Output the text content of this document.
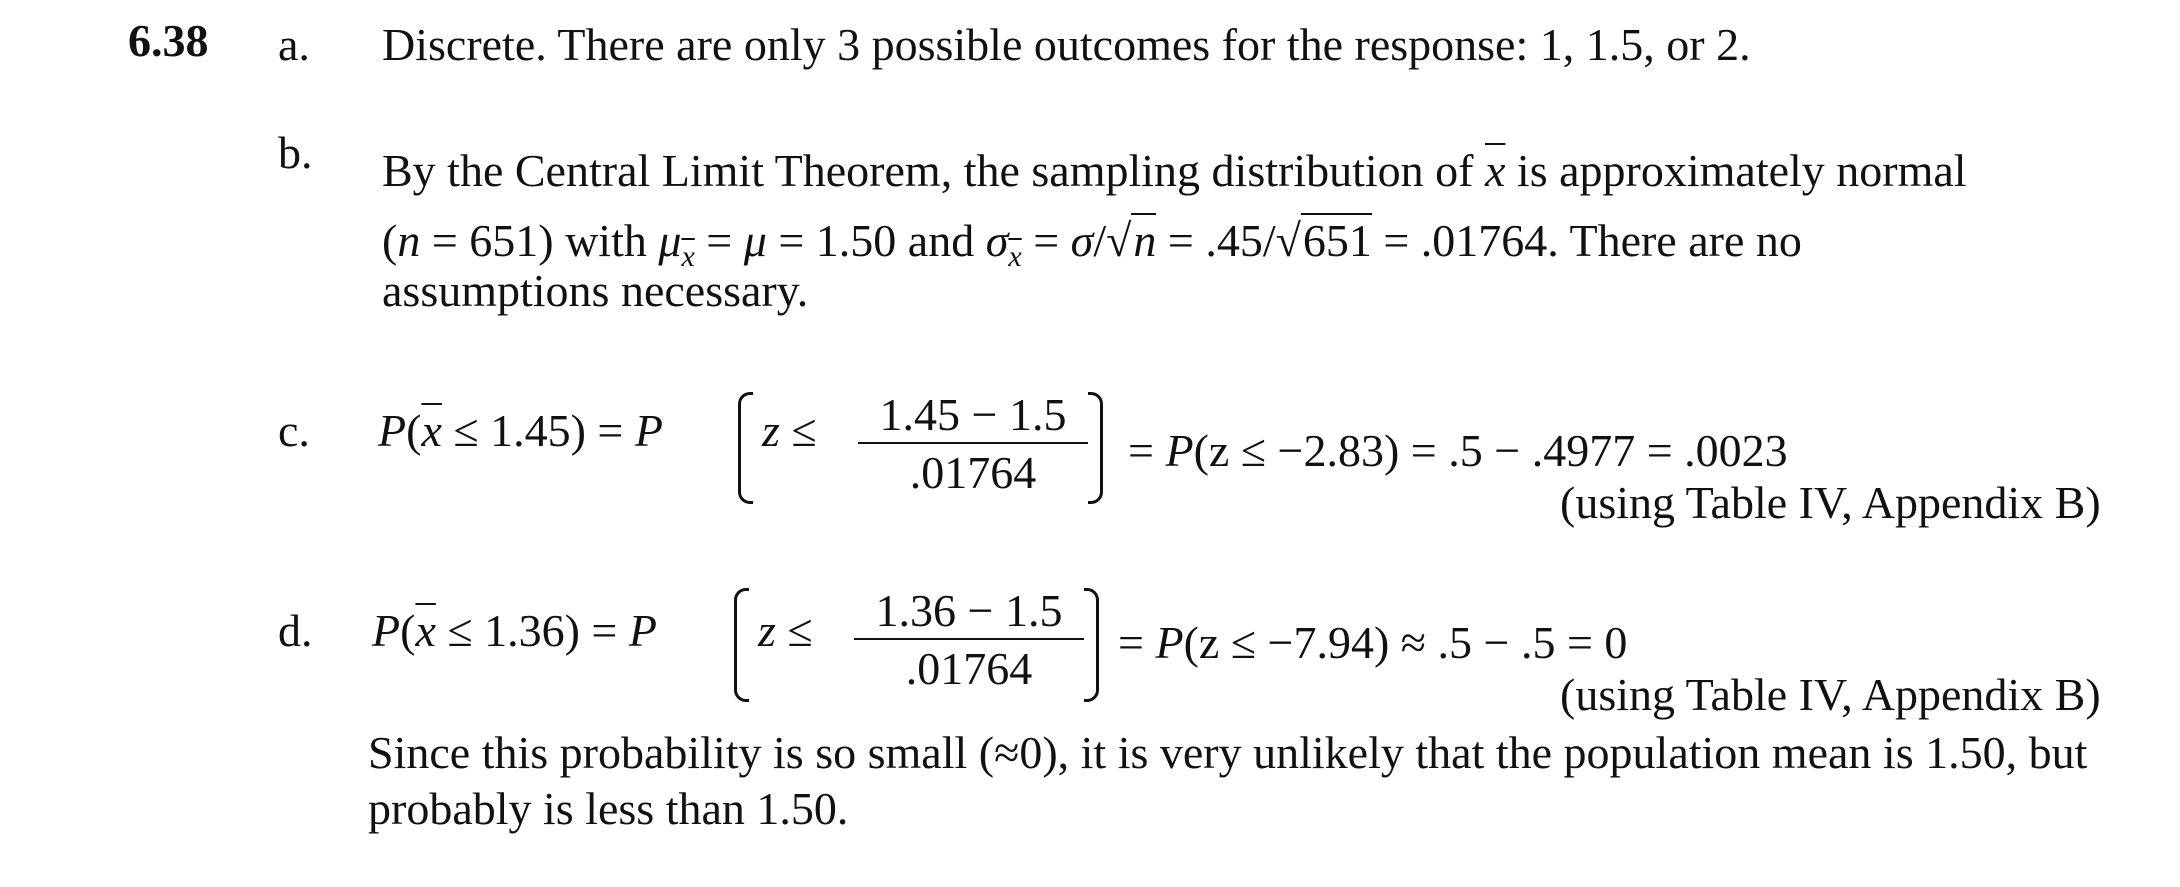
6.38 a. Discrete. There are only 3 possible outcomes for the response: 1, 1.5, or 2.
b. By the Central Limit Theorem, the sampling distribution of $\overline{x}$ is approximately normal
(n = 651) with $\mu_{\overline{x}} = \mu = 1.50$ and $\sigma_{\overline{x}} = \sigma/√n = .45/√651 = .01764$. There are no
assumptions necessary.
c. $P(\overline{x} \le 1.45) = P$ z ≤	1.45 − 1.5
.01764	= P(z ≤ −2.83) = .5 − .4977 = .0023
(using Table IV, Appendix B)
d. $P(\overline{x} \le 1.36) = P$ z ≤	1.36 − 1.5
.01764
= P(z ≤ −7.94) ≈ .5 − .5 = 0
(using Table IV, Appendix B)
Since this probability is so small (≈0), it is very unlikely that the population mean is 1.50, but
probably is less than 1.50.
